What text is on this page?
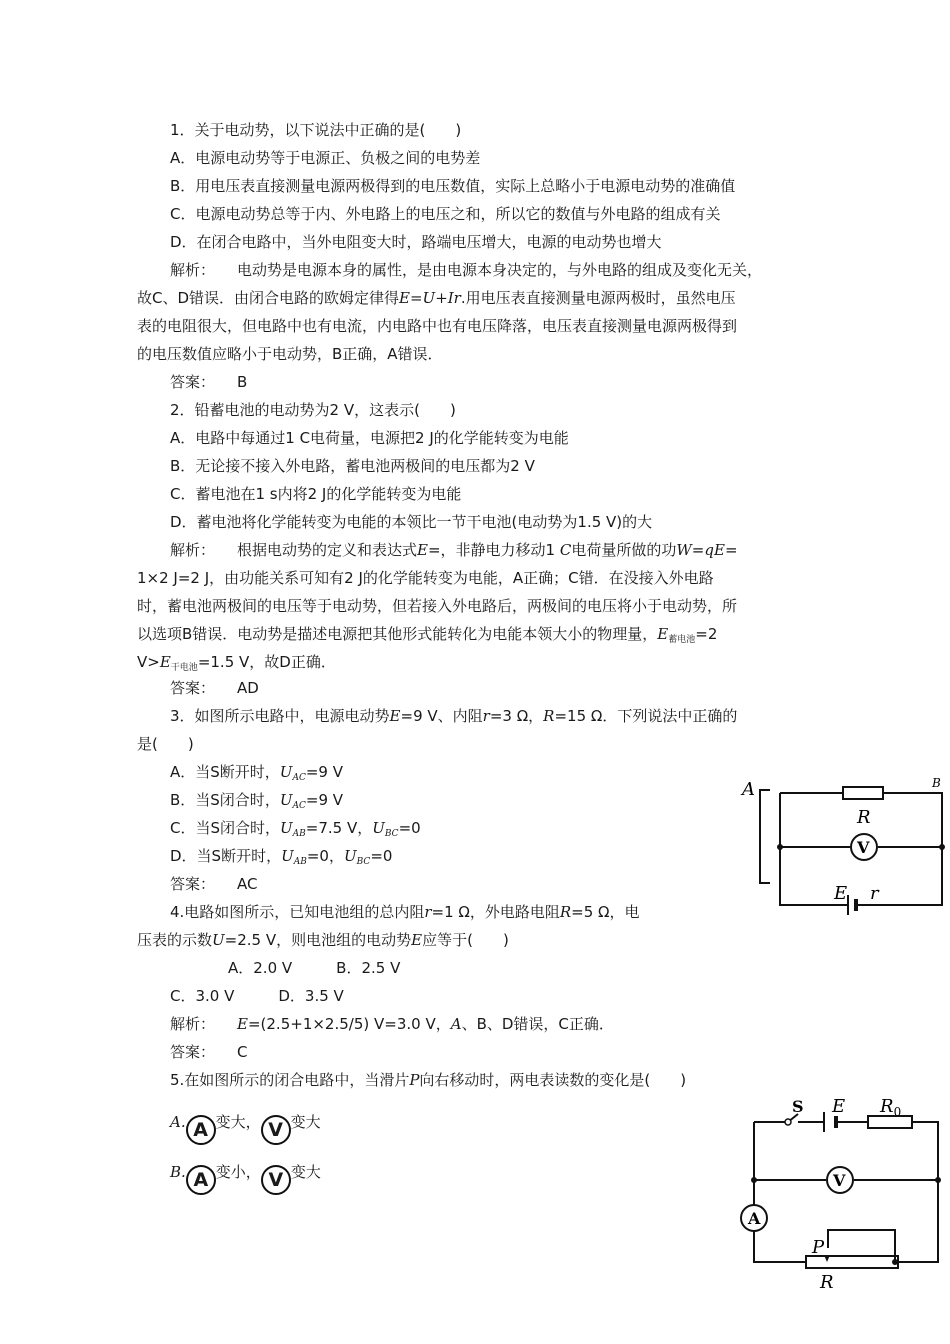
1．关于电动势，以下说法中正确的是(　　)
A．电源电动势等于电源正、负极之间的电势差
B．用电压表直接测量电源两极得到的电压数值，实际上总略小于电源电动势的准确值
C．电源电动势总等于内、外电路上的电压之和，所以它的数值与外电路的组成有关
D．在闭合电路中，当外电阻变大时，路端电压增大，电源的电动势也增大
解析： 电动势是电源本身的属性，是由电源本身决定的，与外电路的组成及变化无关，
故C、D错误．由闭合电路的欧姆定律得E=U+Ir.用电压表直接测量电源两极时，虽然电压
表的电阻很大，但电路中也有电流，内电路中也有电压降落，电压表直接测量电源两极得到
的电压数值应略小于电动势，B正确，A错误．
答案： B
2．铅蓄电池的电动势为2 V，这表示(　　)
A．电路中每通过1 C电荷量，电源把2 J的化学能转变为电能
B．无论接不接入外电路，蓄电池两极间的电压都为2 V
C．蓄电池在1 s内将2 J的化学能转变为电能
D．蓄电池将化学能转变为电能的本领比一节干电池(电动势为1.5 V)的大
解析： 根据电动势的定义和表达式E=，非静电力移动1 C电荷量所做的功W=qE=
1×2 J=2 J，由功能关系可知有2 J的化学能转变为电能，A正确；C错．在没接入外电路
时，蓄电池两极间的电压等于电动势，但若接入外电路后，两极间的电压将小于电动势，所
以选项B错误．电动势是描述电源把其他形式能转化为电能本领大小的物理量，$E_{蓄电池}=2$
$V>E_{干电池}=1.5$ V，故D正确．
答案： AD
3．如图所示电路中，电源电动势E=9 V、内阻r=3 Ω，R=15 Ω．下列说法中正确的
是(　　)
A．当S断开时，$U_{AC}=9$ V
B．当S闭合时，$U_{AC}=9$ V
C．当S闭合时，$U_{AB}=7.5$ V，$U_{BC}=0$
D．当S断开时，$U_{AB}=0$，$U_{BC}=0$
答案： AC
A	B
R
V
E r
4.电路如图所示，已知电池组的总内阻r=1 Ω，外电路电阻R=5 Ω，电
压表的示数U=2.5 V，则电池组的电动势E应等于(　　)
A．2.0 V	B．2.5 V
C．3.0 V	D．3.5 V
解析： E=(2.5+1×2.5/5) V=3.0 V，A、B、D错误，C正确．
答案： C
5.在如图所示的闭合电路中，当滑片P向右移动时，两电表读数的变化是(　　)
A. A 变大， V 变大
B. A 变小， V 变大
S E $R_0$
V
A
P
R
